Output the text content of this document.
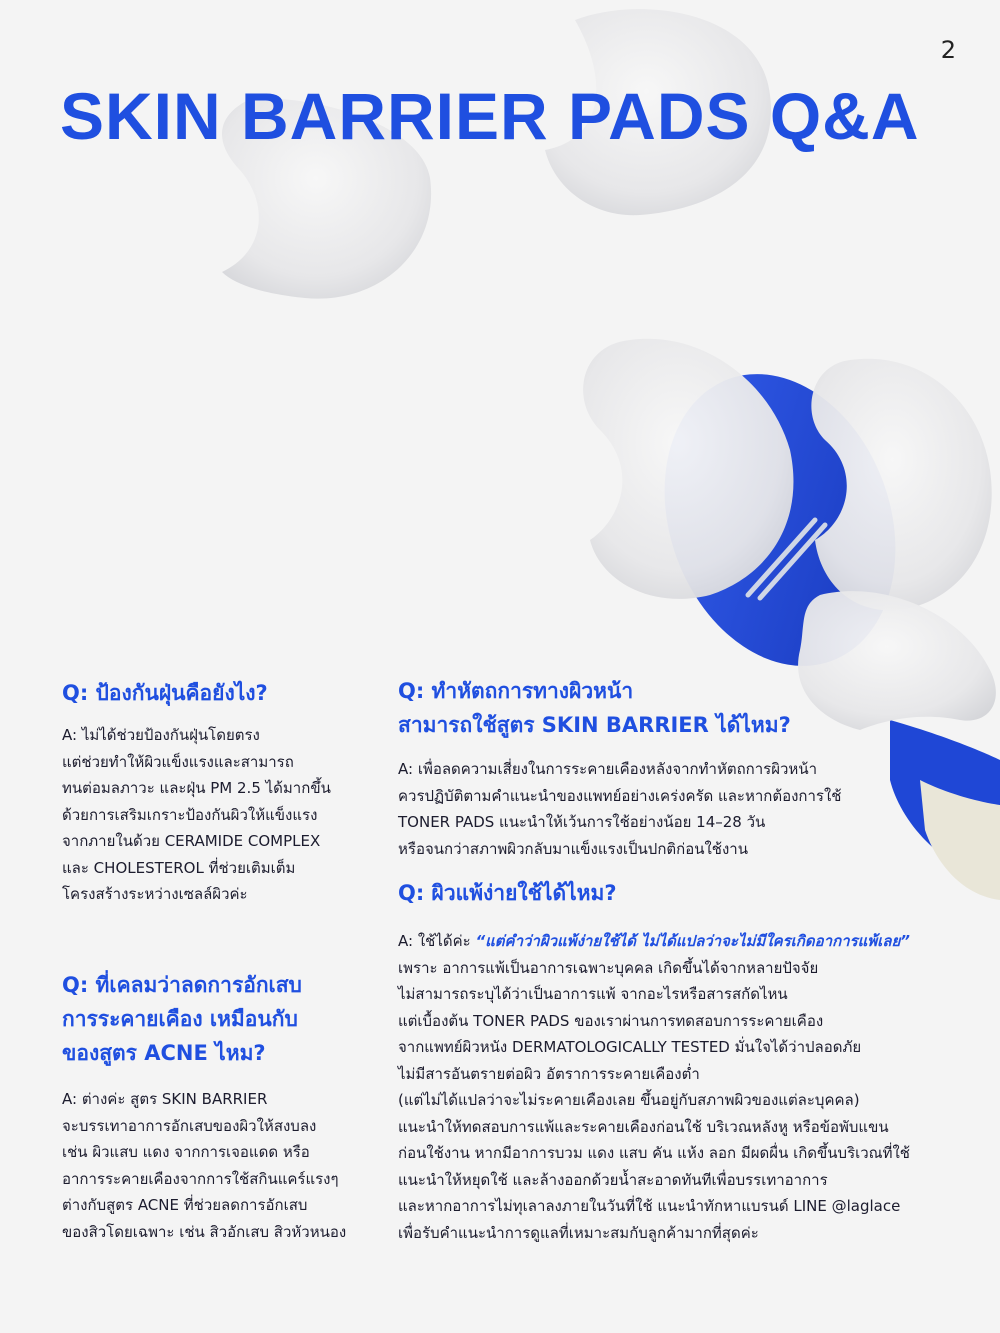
2
SKIN BARRIER PADS Q&A
Q: ป้องกันฝุ่นคือยังไง?
A: ไม่ได้ช่วยป้องกันฝุ่นโดยตรง
แต่ช่วยทำให้ผิวแข็งแรงและสามารถ
ทนต่อมลภาวะ และฝุ่น PM 2.5 ได้มากขึ้น
ด้วยการเสริมเกราะป้องกันผิวให้แข็งแรง
จากภายในด้วย CERAMIDE COMPLEX
และ CHOLESTEROL ที่ช่วยเติมเต็ม
โครงสร้างระหว่างเซลล์ผิวค่ะ
Q: ที่เคลมว่าลดการอักเสบ
การระคายเคือง เหมือนกับ
ของสูตร ACNE ไหม?
A: ต่างค่ะ สูตร SKIN BARRIER
จะบรรเทาอาการอักเสบของผิวให้สงบลง
เช่น ผิวแสบ แดง จากการเจอแดด หรือ
อาการระคายเคืองจากการใช้สกินแคร์แรงๆ
ต่างกับสูตร ACNE ที่ช่วยลดการอักเสบ
ของสิวโดยเฉพาะ เช่น สิวอักเสบ สิวหัวหนอง
Q: ทำหัตถการทางผิวหน้า
สามารถใช้สูตร SKIN BARRIER ได้ไหม?
A: เพื่อลดความเสี่ยงในการระคายเคืองหลังจากทำหัตถการผิวหน้า
ควรปฏิบัติตามคำแนะนำของแพทย์อย่างเคร่งครัด และหากต้องการใช้
TONER PADS แนะนำให้เว้นการใช้อย่างน้อย 14–28 วัน
หรือจนกว่าสภาพผิวกลับมาแข็งแรงเป็นปกติก่อนใช้งาน
Q: ผิวแพ้ง่ายใช้ได้ไหม?
A: ใช้ได้ค่ะ “แต่คำว่าผิวแพ้ง่ายใช้ได้ ไม่ได้แปลว่าจะไม่มีใครเกิดอาการแพ้เลย”
เพราะ อาการแพ้เป็นอาการเฉพาะบุคคล เกิดขึ้นได้จากหลายปัจจัย
ไม่สามารถระบุได้ว่าเป็นอาการแพ้ จากอะไรหรือสารสกัดไหน
แต่เบื้องต้น TONER PADS ของเราผ่านการทดสอบการระคายเคือง
จากแพทย์ผิวหนัง DERMATOLOGICALLY TESTED มั่นใจได้ว่าปลอดภัย
ไม่มีสารอันตรายต่อผิว อัตราการระคายเคืองต่ำ
(แต่ไม่ได้แปลว่าจะไม่ระคายเคืองเลย ขึ้นอยู่กับสภาพผิวของแต่ละบุคคล)
แนะนำให้ทดสอบการแพ้และระคายเคืองก่อนใช้ บริเวณหลังหู หรือข้อพับแขน
ก่อนใช้งาน หากมีอาการบวม แดง แสบ คัน แห้ง ลอก มีผดผื่น เกิดขึ้นบริเวณที่ใช้
แนะนำให้หยุดใช้ และล้างออกด้วยน้ำสะอาดทันทีเพื่อบรรเทาอาการ
และหากอาการไม่ทุเลาลงภายในวันที่ใช้ แนะนำทักหาแบรนด์ LINE @laglace
เพื่อรับคำแนะนำการดูแลที่เหมาะสมกับลูกค้ามากที่สุดค่ะ
